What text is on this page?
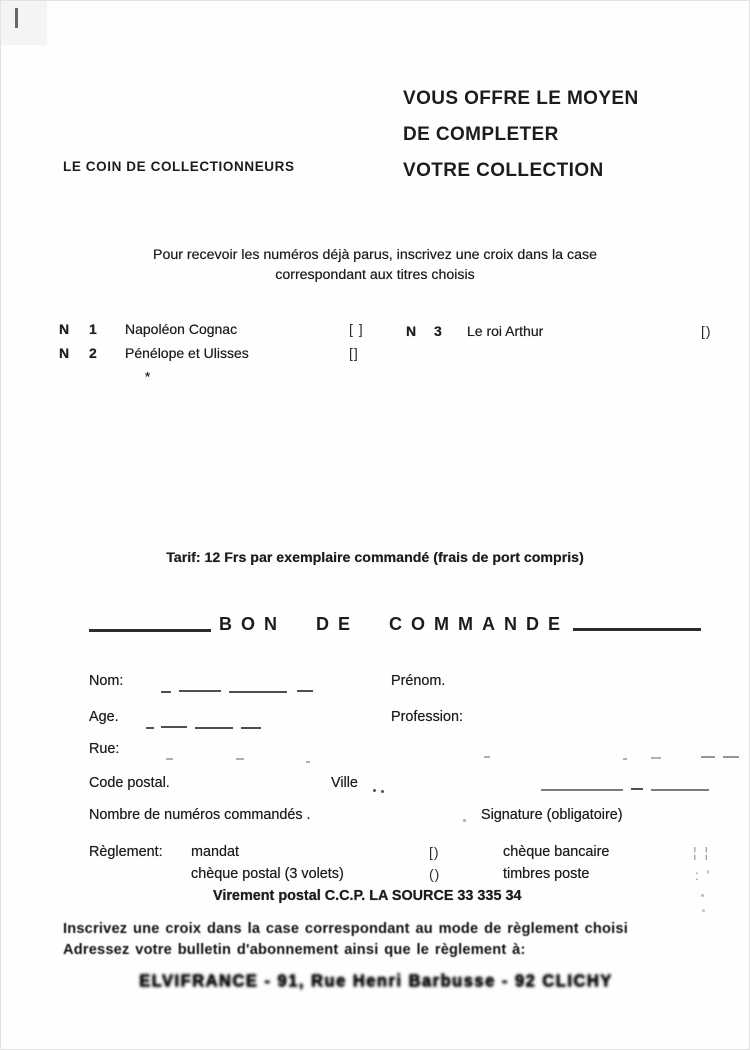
VOUS OFFRE LE MOYEN
DE COMPLETER
VOTRE COLLECTION
LE COIN DE COLLECTIONNEURS
Pour recevoir les numéros déjà parus, inscrivez une croix dans la case
correspondant aux titres choisis
N 1 Napoléon Cognac	[ ]	N 3 Le roi Arthur	[)
N 2 Pénélope et Ulisses	[]
*
Tarif: 12 Frs par exemplaire commandé (frais de port compris)
BON DE COMMANDE
Nom:	Prénom.
Age.	Profession:
Rue:
Code postal.	Ville
Nombre de numéros commandés .	Signature (obligatoire)
Règlement: mandat	[)	chèque bancaire	¦ ¦
chèque postal (3 volets)	()	timbres poste	: '
Virement postal C.C.P. LA SOURCE 33 335 34
Inscrivez une croix dans la case correspondant au mode de règlement choisi
Adressez votre bulletin d'abonnement ainsi que le règlement à:
ELVIFRANCE - 91, Rue Henri Barbusse - 92 CLICHY
